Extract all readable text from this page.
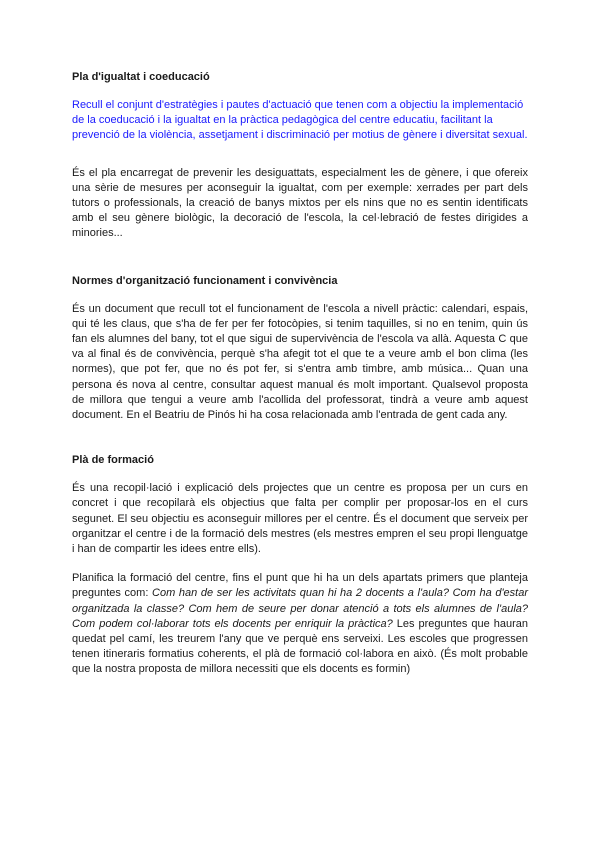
Pla d'igualtat i coeducació

Recull el conjunt d'estratègies i pautes d'actuació que tenen com a objectiu la implementació de la coeducació i la igualtat en la pràctica pedagògica del centre educatiu, facilitant la prevenció de la violència, assetjament i discriminació per motius de gènere i diversitat sexual.

És el pla encarregat de prevenir les desiguattats, especialment les de gènere, i que ofereix una sèrie de mesures per aconseguir la igualtat, com per exemple: xerrades per part dels tutors o professionals, la creació de banys mixtos per els nins que no es sentin identificats amb el seu gènere biològic, la decoració de l'escola, la cel·lebració de festes dirigides a minories...

Normes d'organització funcionament i convivència

És un document que recull tot el funcionament de l'escola a nivell pràctic: calendari, espais, qui té les claus, que s'ha de fer per fer fotocòpies, si tenim taquilles, si no en tenim, quin ús fan els alumnes del bany, tot el que sigui de supervivència de l'escola va allà. Aquesta C que va al final és de convivència, perquè s'ha afegit tot el que te a veure amb el bon clima (les normes), que pot fer, que no és pot fer, si s'entra amb timbre, amb música... Quan una persona és nova al centre, consultar aquest manual és molt important. Qualsevol proposta de millora que tengui a veure amb l'acollida del professorat, tindrà a veure amb aquest document. En el Beatriu de Pinós hi ha cosa relacionada amb l'entrada de gent cada any.

Plà de formació

És una recopil·lació i explicació dels projectes que un centre es proposa per un curs en concret i que recopilarà els objectius que falta per complir per proposar-los en el curs segunet. El seu objectiu es aconseguir millores per el centre. És el document que serveix per organitzar el centre i de la formació dels mestres (els mestres empren el seu propi llenguatge i han de compartir les idees entre ells).

Planifica la formació del centre, fins el punt que hi ha un dels apartats primers que planteja preguntes com: Com han de ser les activitats quan hi ha 2 docents a l'aula? Com ha d'estar organitzada la classe? Com hem de seure per donar atenció a tots els alumnes de l'aula? Com podem col·laborar tots els docents per enriquir la pràctica? Les preguntes que hauran quedat pel camí, les treurem l'any que ve perquè ens serveixi. Les escoles que progressen tenen itineraris formatius coherents, el plà de formació col·labora en això. (És molt probable que la nostra proposta de millora necessiti que els docents es formin)
